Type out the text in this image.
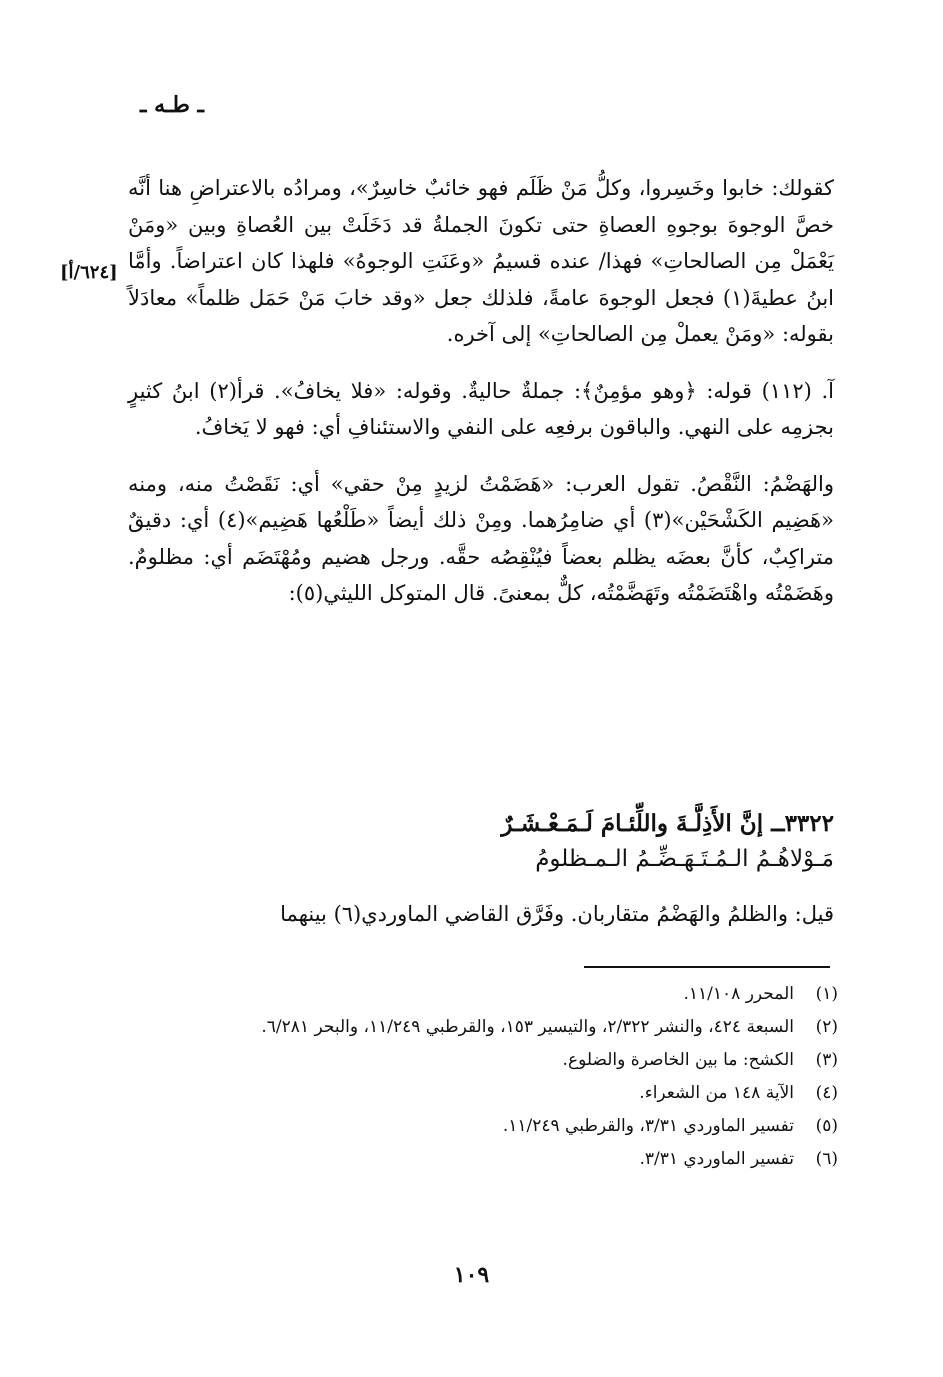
ـ طـه ـ
[٦٢٤/أ]

كقولك: خابوا وخَسِروا، وكلُّ مَنْ ظَلَم فهو خائبٌ خاسِرٌ»، ومرادُه بالاعتراضِ هنا أنَّه خصَّ الوجوهَ بوجوهِ العصاةِ حتى تكونَ الجملةُ قد دَخَلَتْ بين العُصاةِ وبين «ومَنْ يَعْمَلْ مِن الصالحاتِ» فهذا/ عنده قسيمُ «وعَنَتِ الوجوهُ» فلهذا كان اعتراضاً. وأمَّا ابنُ عطيةَ(١) فجعل الوجوهَ عامةً، فلذلك جعل «وقد خابَ مَنْ حَمَل ظلماً» معادَلاً بقوله: «ومَنْ يعملْ مِن الصالحاتِ» إلى آخره.

آ. (١١٢) قوله: ﴿وهو مؤمِنٌ﴾: جملةٌ حاليةٌ. وقوله: «فلا يخافُ». قرأ(٢) ابنُ كثيرٍ بجزمِه على النهي. والباقون برفعِه على النفي والاستئنافِ أي: فهو لا يَخافُ.

والهَضْمُ: النَّقْصُ. تقول العرب: «هَضَمْتُ لزيدٍ مِنْ حقي» أي: نَقَصْتُ منه، ومنه «هَضِيم الكَشْحَيْن»(٣) أي ضامِرُهما. ومِنْ ذلك أيضاً «طَلْعُها هَضِيم»(٤) أي: دقيقٌ متراكِبٌ، كأنَّ بعضَه يظلم بعضاً فيُنْقِصُه حقَّه. ورجل هضيم ومُهْتَضَم أي: مظلومٌ. وهَضَمْتُه واهْتَضَمْتُه وتَهَضَّمْتُه، كلٌّ بمعنىً. قال المتوكل الليثي(٥):

٣٣٢٢ــ إنَّ الأَذِلَّـةَ واللِّئـامَ لَـمَـعْـشَـرٌ
مَـوْلاهُـمُ الـمُـتَـهَـضِّـمُ الـمـظلومُ
قيل: والظلمُ والهَضْمُ متقاربان. وفَرَّق القاضي الماوردي(٦) بينهما
(١)
المحرر ١١/١٠٨.
(٢)
السبعة ٤٢٤، والنشر ٢/٣٢٢، والتيسير ١٥٣، والقرطبي ١١/٢٤٩، والبحر ٦/٢٨١.
(٣)
الكشح: ما بين الخاصرة والضلوع.
(٤)
الآية ١٤٨ من الشعراء.
(٥)
تفسير الماوردي ٣/٣١، والقرطبي ١١/٢٤٩.
(٦)
تفسير الماوردي ٣/٣١.
١٠٩
